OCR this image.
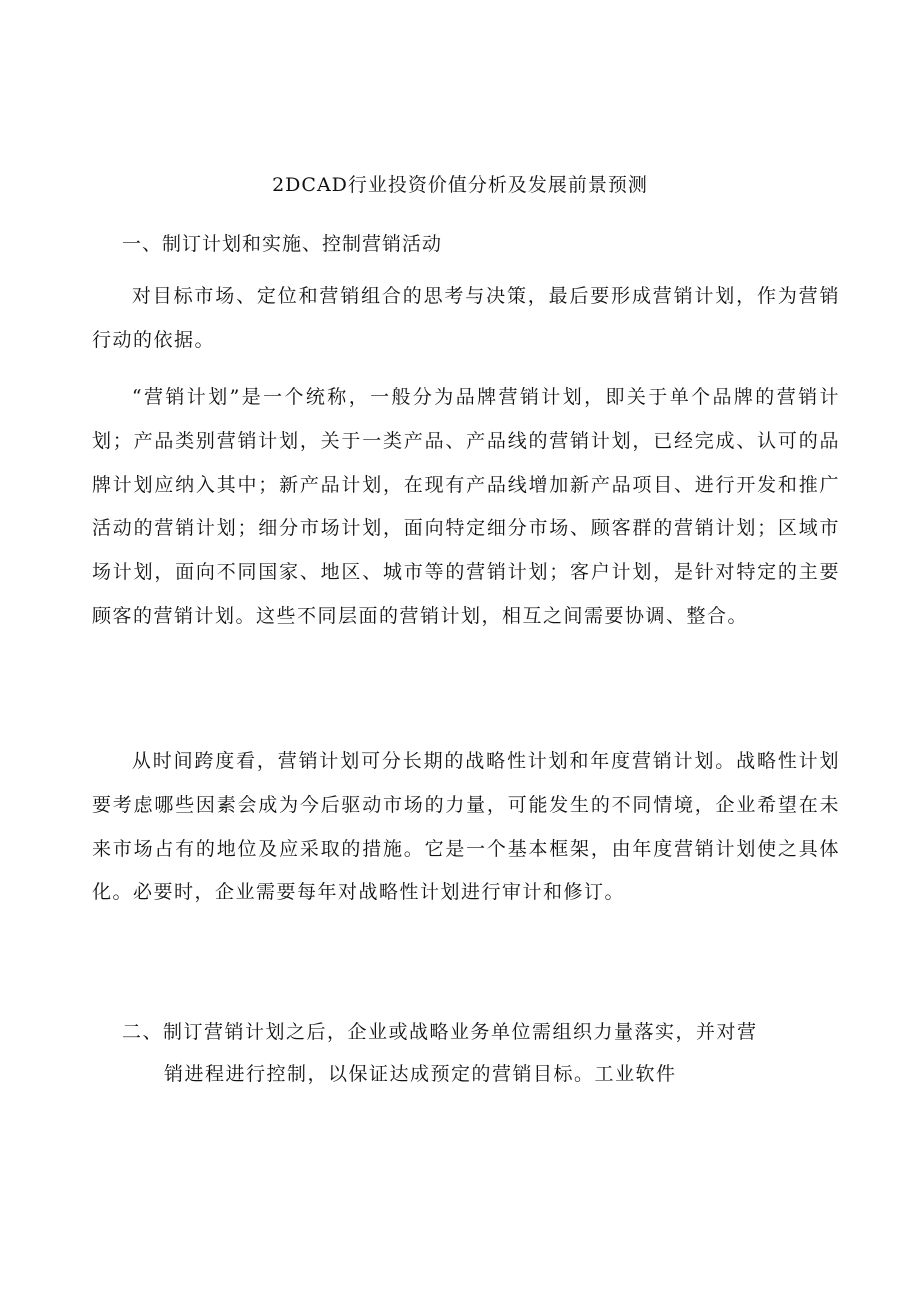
2DCAD行业投资价值分析及发展前景预测
一、制订计划和实施、控制营销活动

对目标市场、定位和营销组合的思考与决策，最后要形成营销计划，作为营销行动的依据。

“营销计划”是一个统称，一般分为品牌营销计划，即关于单个品牌的营销计划；产品类别营销计划，关于一类产品、产品线的营销计划，已经完成、认可的品牌计划应纳入其中；新产品计划，在现有产品线增加新产品项目、进行开发和推广活动的营销计划；细分市场计划，面向特定细分市场、顾客群的营销计划；区域市场计划，面向不同国家、地区、城市等的营销计划；客户计划，是针对特定的主要顾客的营销计划。这些不同层面的营销计划，相互之间需要协调、整合。

从时间跨度看，营销计划可分长期的战略性计划和年度营销计划。战略性计划要考虑哪些因素会成为今后驱动市场的力量，可能发生的不同情境，企业希望在未来市场占有的地位及应采取的措施。它是一个基本框架，由年度营销计划使之具体化。必要时，企业需要每年对战略性计划进行审计和修订。

二、制订营销计划之后，企业或战略业务单位需组织力量落实，并对营
销进程进行控制，以保证达成预定的营销目标。工业软件
